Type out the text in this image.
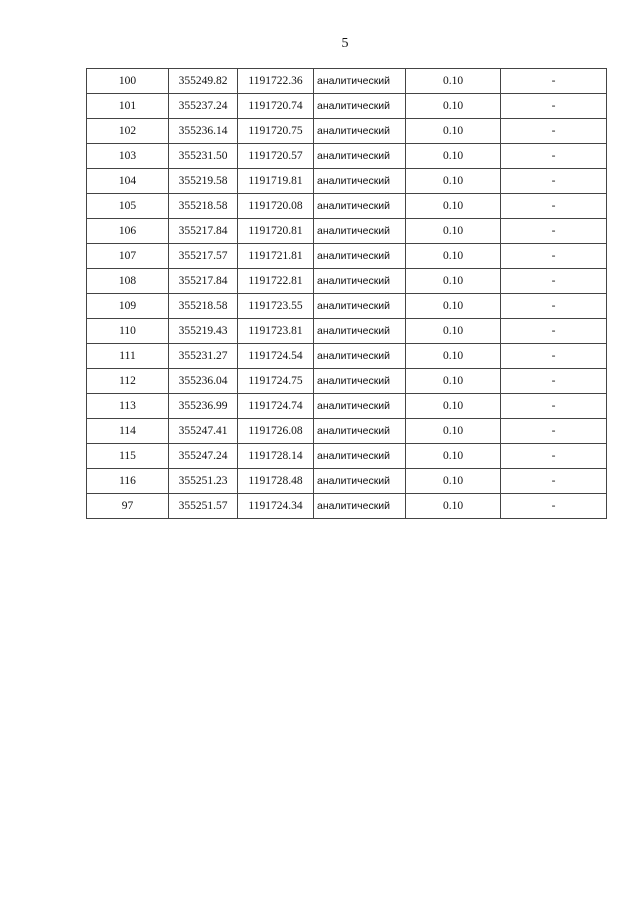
5
100	355249.82	1191722.36	аналитический	0.10	-
101	355237.24	1191720.74	аналитический	0.10	-
102	355236.14	1191720.75	аналитический	0.10	-
103	355231.50	1191720.57	аналитический	0.10	-
104	355219.58	1191719.81	аналитический	0.10	-
105	355218.58	1191720.08	аналитический	0.10	-
106	355217.84	1191720.81	аналитический	0.10	-
107	355217.57	1191721.81	аналитический	0.10	-
108	355217.84	1191722.81	аналитический	0.10	-
109	355218.58	1191723.55	аналитический	0.10	-
110	355219.43	1191723.81	аналитический	0.10	-
111	355231.27	1191724.54	аналитический	0.10	-
112	355236.04	1191724.75	аналитический	0.10	-
113	355236.99	1191724.74	аналитический	0.10	-
114	355247.41	1191726.08	аналитический	0.10	-
115	355247.24	1191728.14	аналитический	0.10	-
116	355251.23	1191728.48	аналитический	0.10	-
97	355251.57	1191724.34	аналитический	0.10	-
